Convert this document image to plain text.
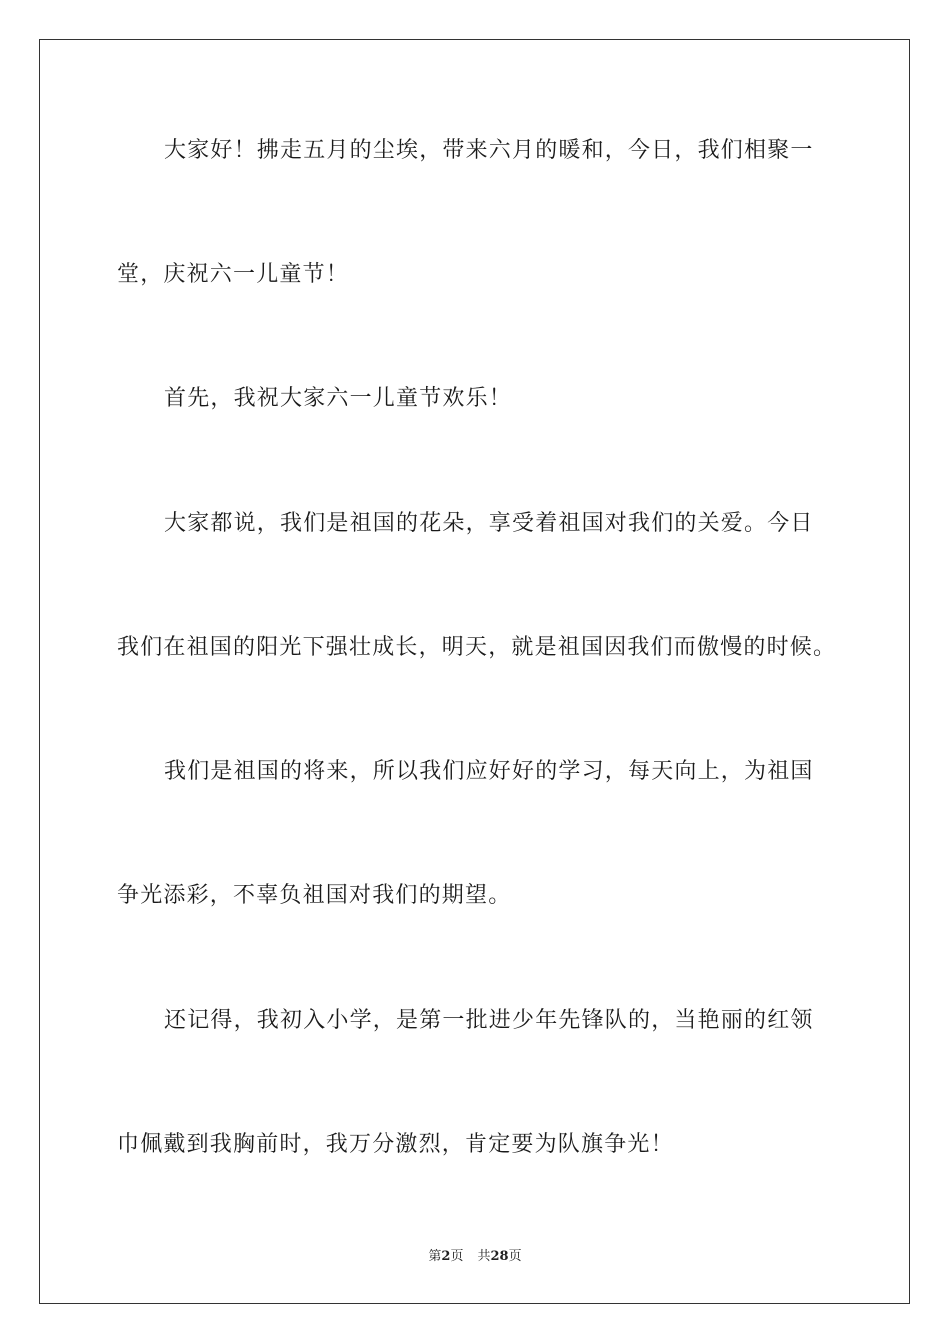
大家好！拂走五月的尘埃，带来六月的暖和，今日，我们相聚一
堂，庆祝六一儿童节！
首先，我祝大家六一儿童节欢乐！
大家都说，我们是祖国的花朵，享受着祖国对我们的关爱。今日
我们在祖国的阳光下强壮成长，明天，就是祖国因我们而傲慢的时候。
我们是祖国的将来，所以我们应好好的学习，每天向上，为祖国
争光添彩，不辜负祖国对我们的期望。
还记得，我初入小学，是第一批进少年先锋队的，当艳丽的红领
巾佩戴到我胸前时，我万分激烈，肯定要为队旗争光！
第2页 共28页
